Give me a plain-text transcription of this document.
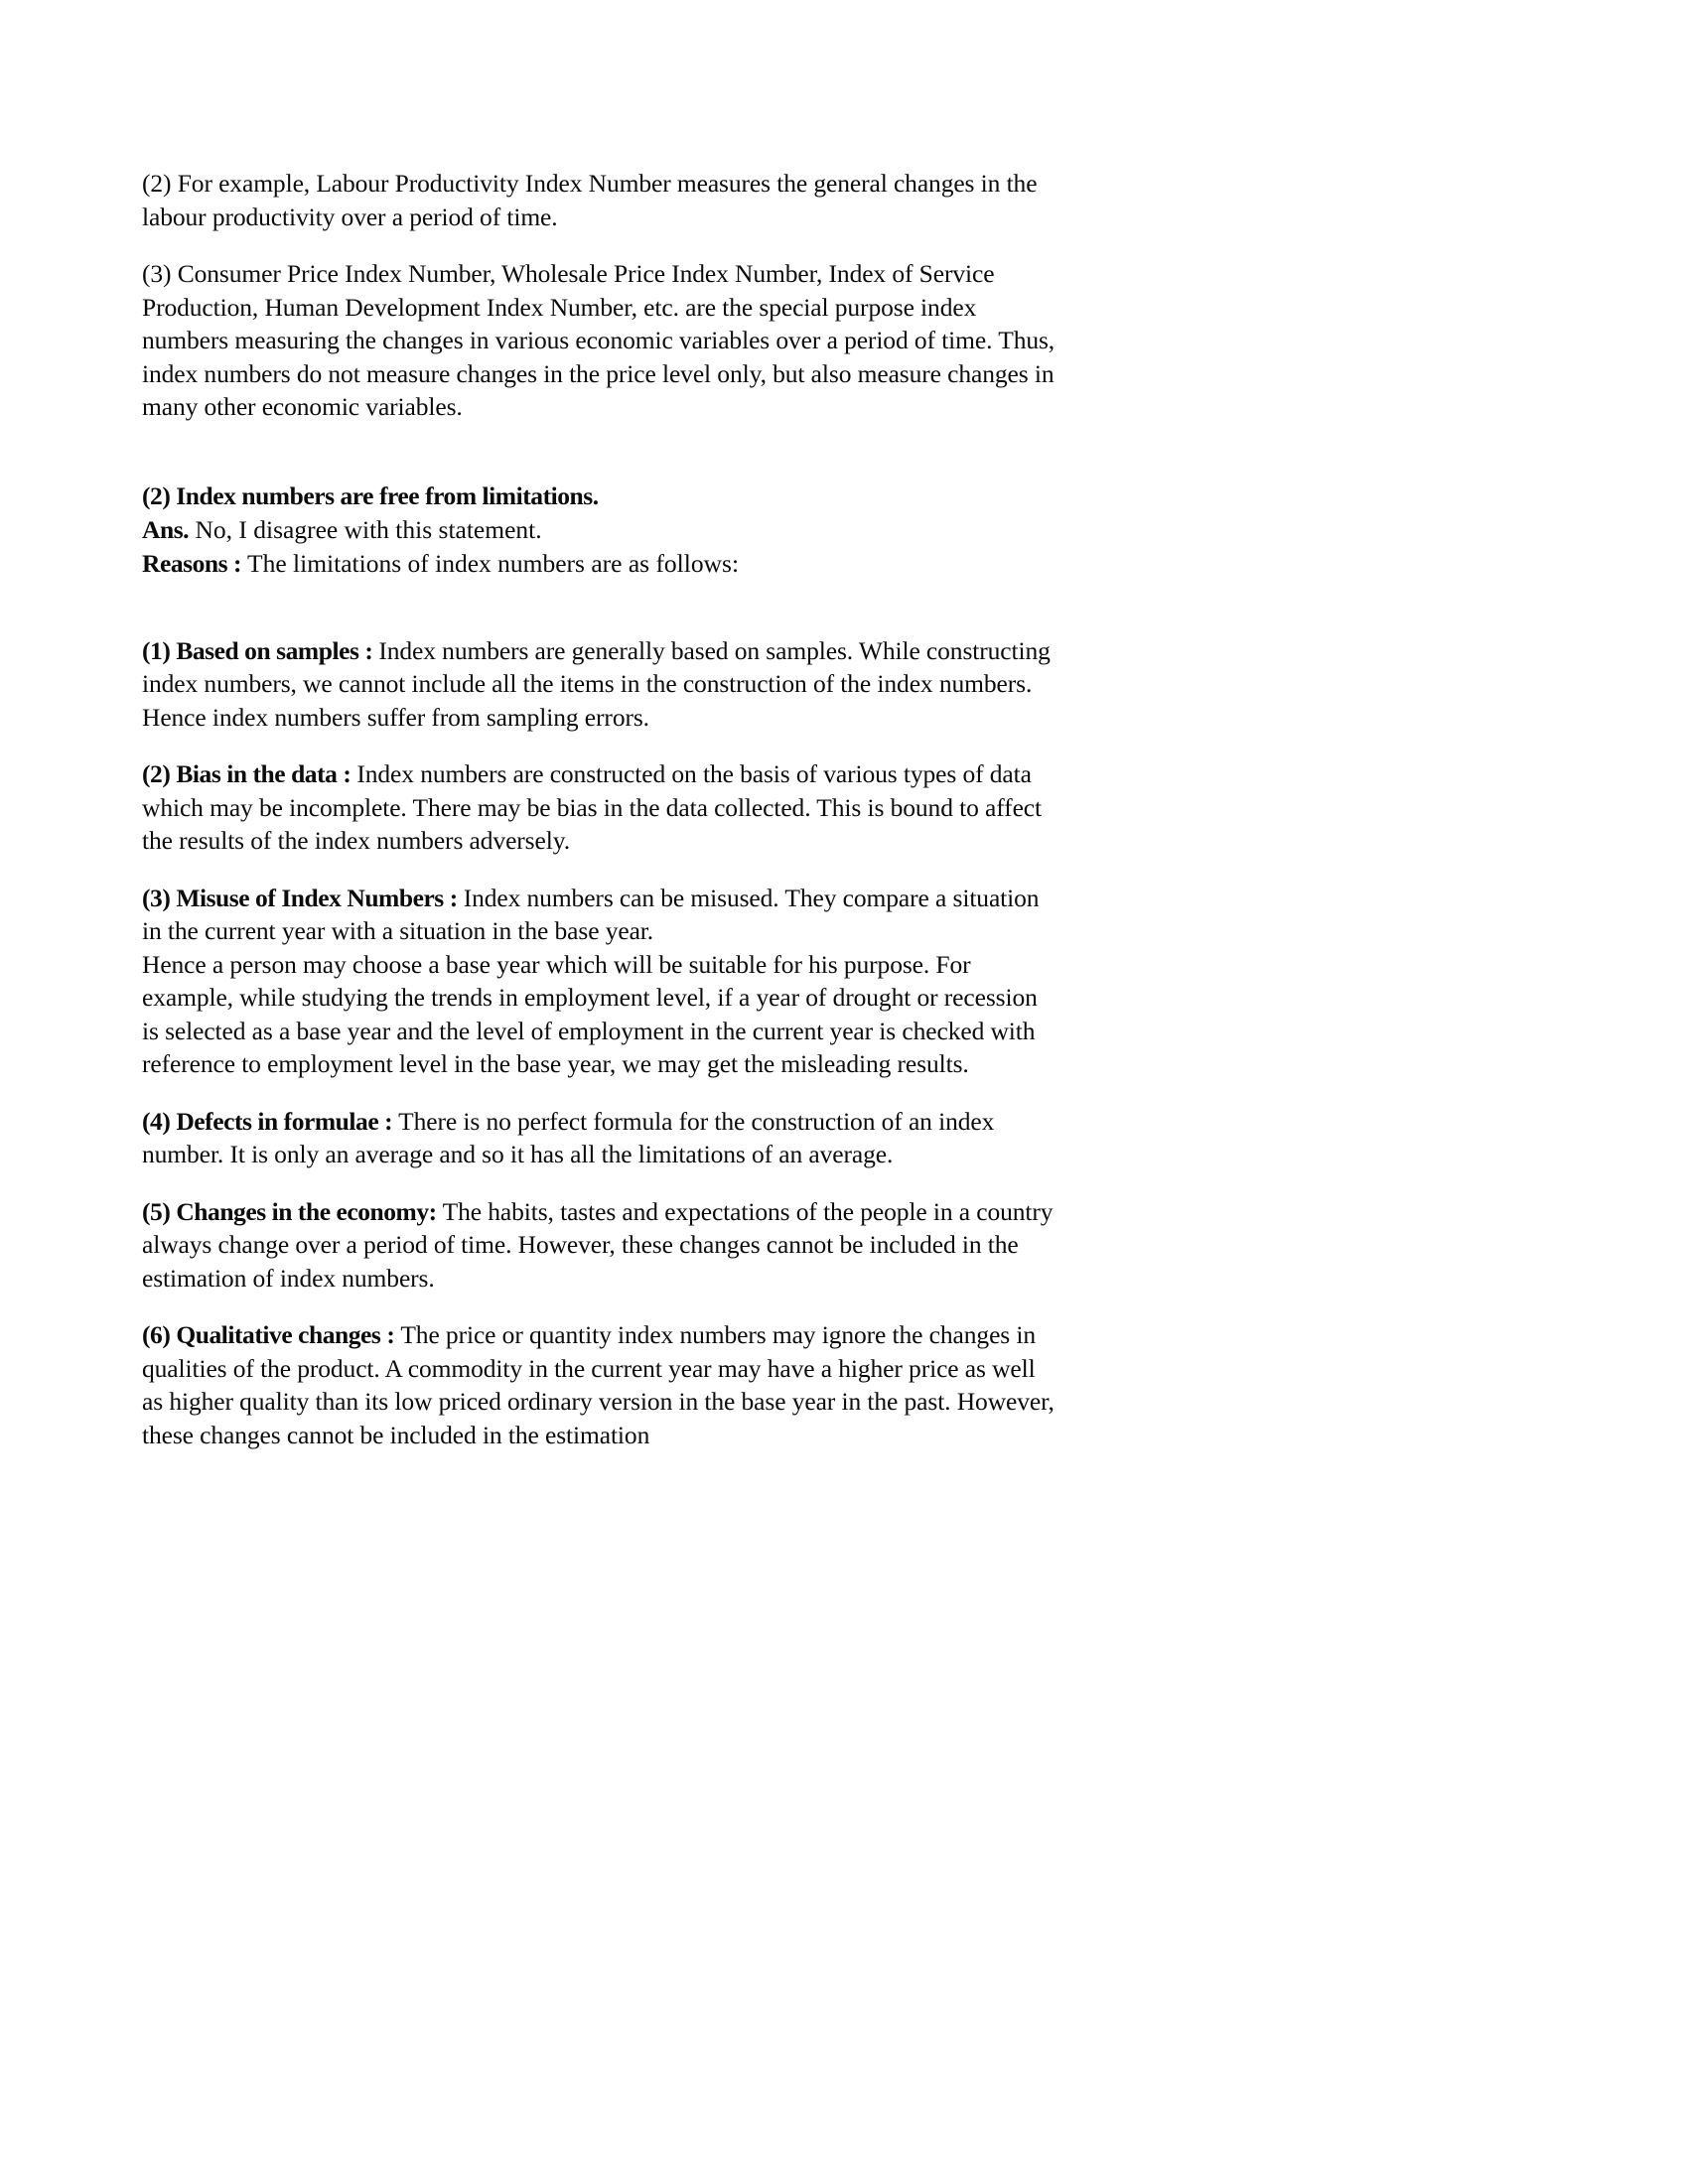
(2) For example, Labour Productivity Index Number measures the general changes in the labour productivity over a period of time.

(3) Consumer Price Index Number, Wholesale Price Index Number, Index of Service Production, Human Development Index Number, etc. are the special purpose index numbers measuring the changes in various economic variables over a period of time. Thus, index numbers do not measure changes in the price level only, but also measure changes in many other economic variables.

(2) Index numbers are free from limitations.

Ans. No, I disagree with this statement.

Reasons : The limitations of index numbers are as follows:

(1) Based on samples : Index numbers are generally based on samples. While constructing index numbers, we cannot include all the items in the construction of the index numbers. Hence index numbers suffer from sampling errors.

(2) Bias in the data : Index numbers are constructed on the basis of various types of data which may be incomplete. There may be bias in the data collected. This is bound to affect the results of the index numbers adversely.

(3) Misuse of Index Numbers : Index numbers can be misused. They compare a situation in the current year with a situation in the base year.

Hence a person may choose a base year which will be suitable for his purpose. For example, while studying the trends in employment level, if a year of drought or recession is selected as a base year and the level of employment in the current year is checked with reference to employment level in the base year, we may get the misleading results.

(4) Defects in formulae : There is no perfect formula for the construction of an index number. It is only an average and so it has all the limitations of an average.

(5) Changes in the economy: The habits, tastes and expectations of the people in a country always change over a period of time. However, these changes cannot be included in the estimation of index numbers.

(6) Qualitative changes : The price or quantity index numbers may ignore the changes in qualities of the product. A commodity in the current year may have a higher price as well as higher quality than its low priced ordinary version in the base year in the past. However, these changes cannot be included in the estimation
